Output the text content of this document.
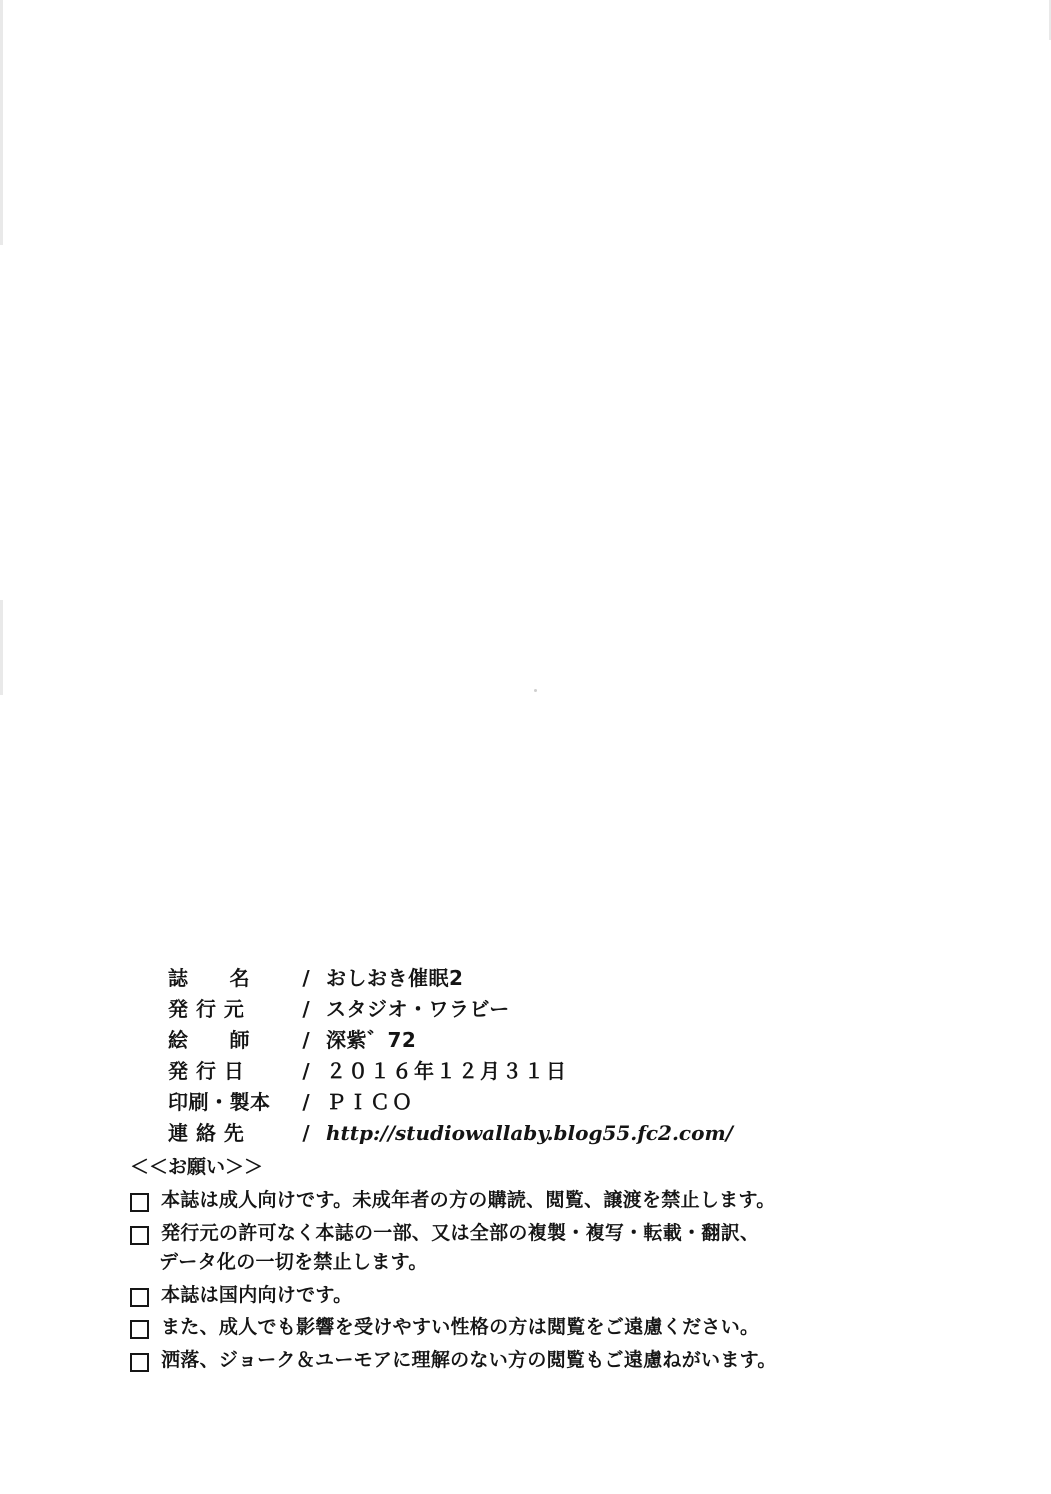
誌　　名	/ おしおき催眠2
発 行 元	/ スタジオ・ワラビー
絵　　師	/ 深紫゛72
発 行 日	/ ２０１６年１２月３１日
印刷・製本	/ ＰＩＣＯ
連 絡 先	/ http://studiowallaby.blog55.fc2.com/
＜＜お願い＞＞
本誌は成人向けです。未成年者の方の購読、閲覧、譲渡を禁止します。
発行元の許可なく本誌の一部、又は全部の複製・複写・転載・翻訳、
データ化の一切を禁止します。
本誌は国内向けです。
また、成人でも影響を受けやすい性格の方は閲覧をご遠慮ください。
洒落、ジョーク＆ユーモアに理解のない方の閲覧もご遠慮ねがいます。
